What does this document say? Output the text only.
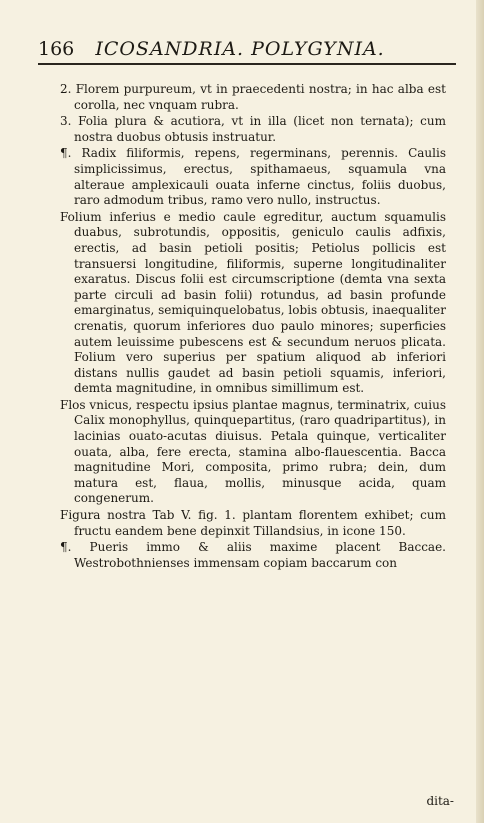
166 ICOSANDRIA. POLYGYNIA.

2. Florem purpureum, vt in praecedenti nostra; in hac alba est corolla, nec vnquam rubra.

3. Folia plura & acutiora, vt in illa (licet non ternata); cum nostra duobus obtusis instruatur.

¶. Radix filiformis, repens, regerminans, perennis. Caulis simplicissimus, erectus, spithamaeus, squamula vna alteraue amplexicauli ouata inferne cinctus, foliis duobus, raro admodum tribus, ramo vero nullo, instructus.

Folium inferius e medio caule egreditur, auctum squamulis duabus, subrotundis, oppositis, geniculo caulis adfixis, erectis, ad basin petioli positis; Petiolus pollicis est transuersi longitudine, filiformis, superne longitudinaliter exaratus. Discus folii est circumscriptione (demta vna sexta parte circuli ad basin folii) rotundus, ad basin profunde emarginatus, semiquinquelobatus, lobis obtusis, inaequaliter crenatis, quorum inferiores duo paulo minores; superficies autem leuissime pubescens est & secundum neruos plicata. Folium vero superius per spatium aliquod ab inferiori distans nullis gaudet ad basin petioli squamis, inferiori, demta magnitudine, in omnibus simillimum est.

Flos vnicus, respectu ipsius plantae magnus, terminatrix, cuius Calix monophyllus, quinquepartitus, (raro quadripartitus), in lacinias ouato-acutas diuisus. Petala quinque, verticaliter ouata, alba, fere erecta, stamina albo-flauescentia. Bacca magnitudine Mori, composita, primo rubra; dein, dum matura est, flaua, mollis, minusque acida, quam congenerum.

Figura nostra Tab V. fig. 1. plantam florentem exhibet; cum fructu eandem bene depinxit Tillandsius, in icone 150.

¶. Pueris immo & aliis maxime placent Baccae. Westrobothnienses immensam copiam baccarum con

dita-
